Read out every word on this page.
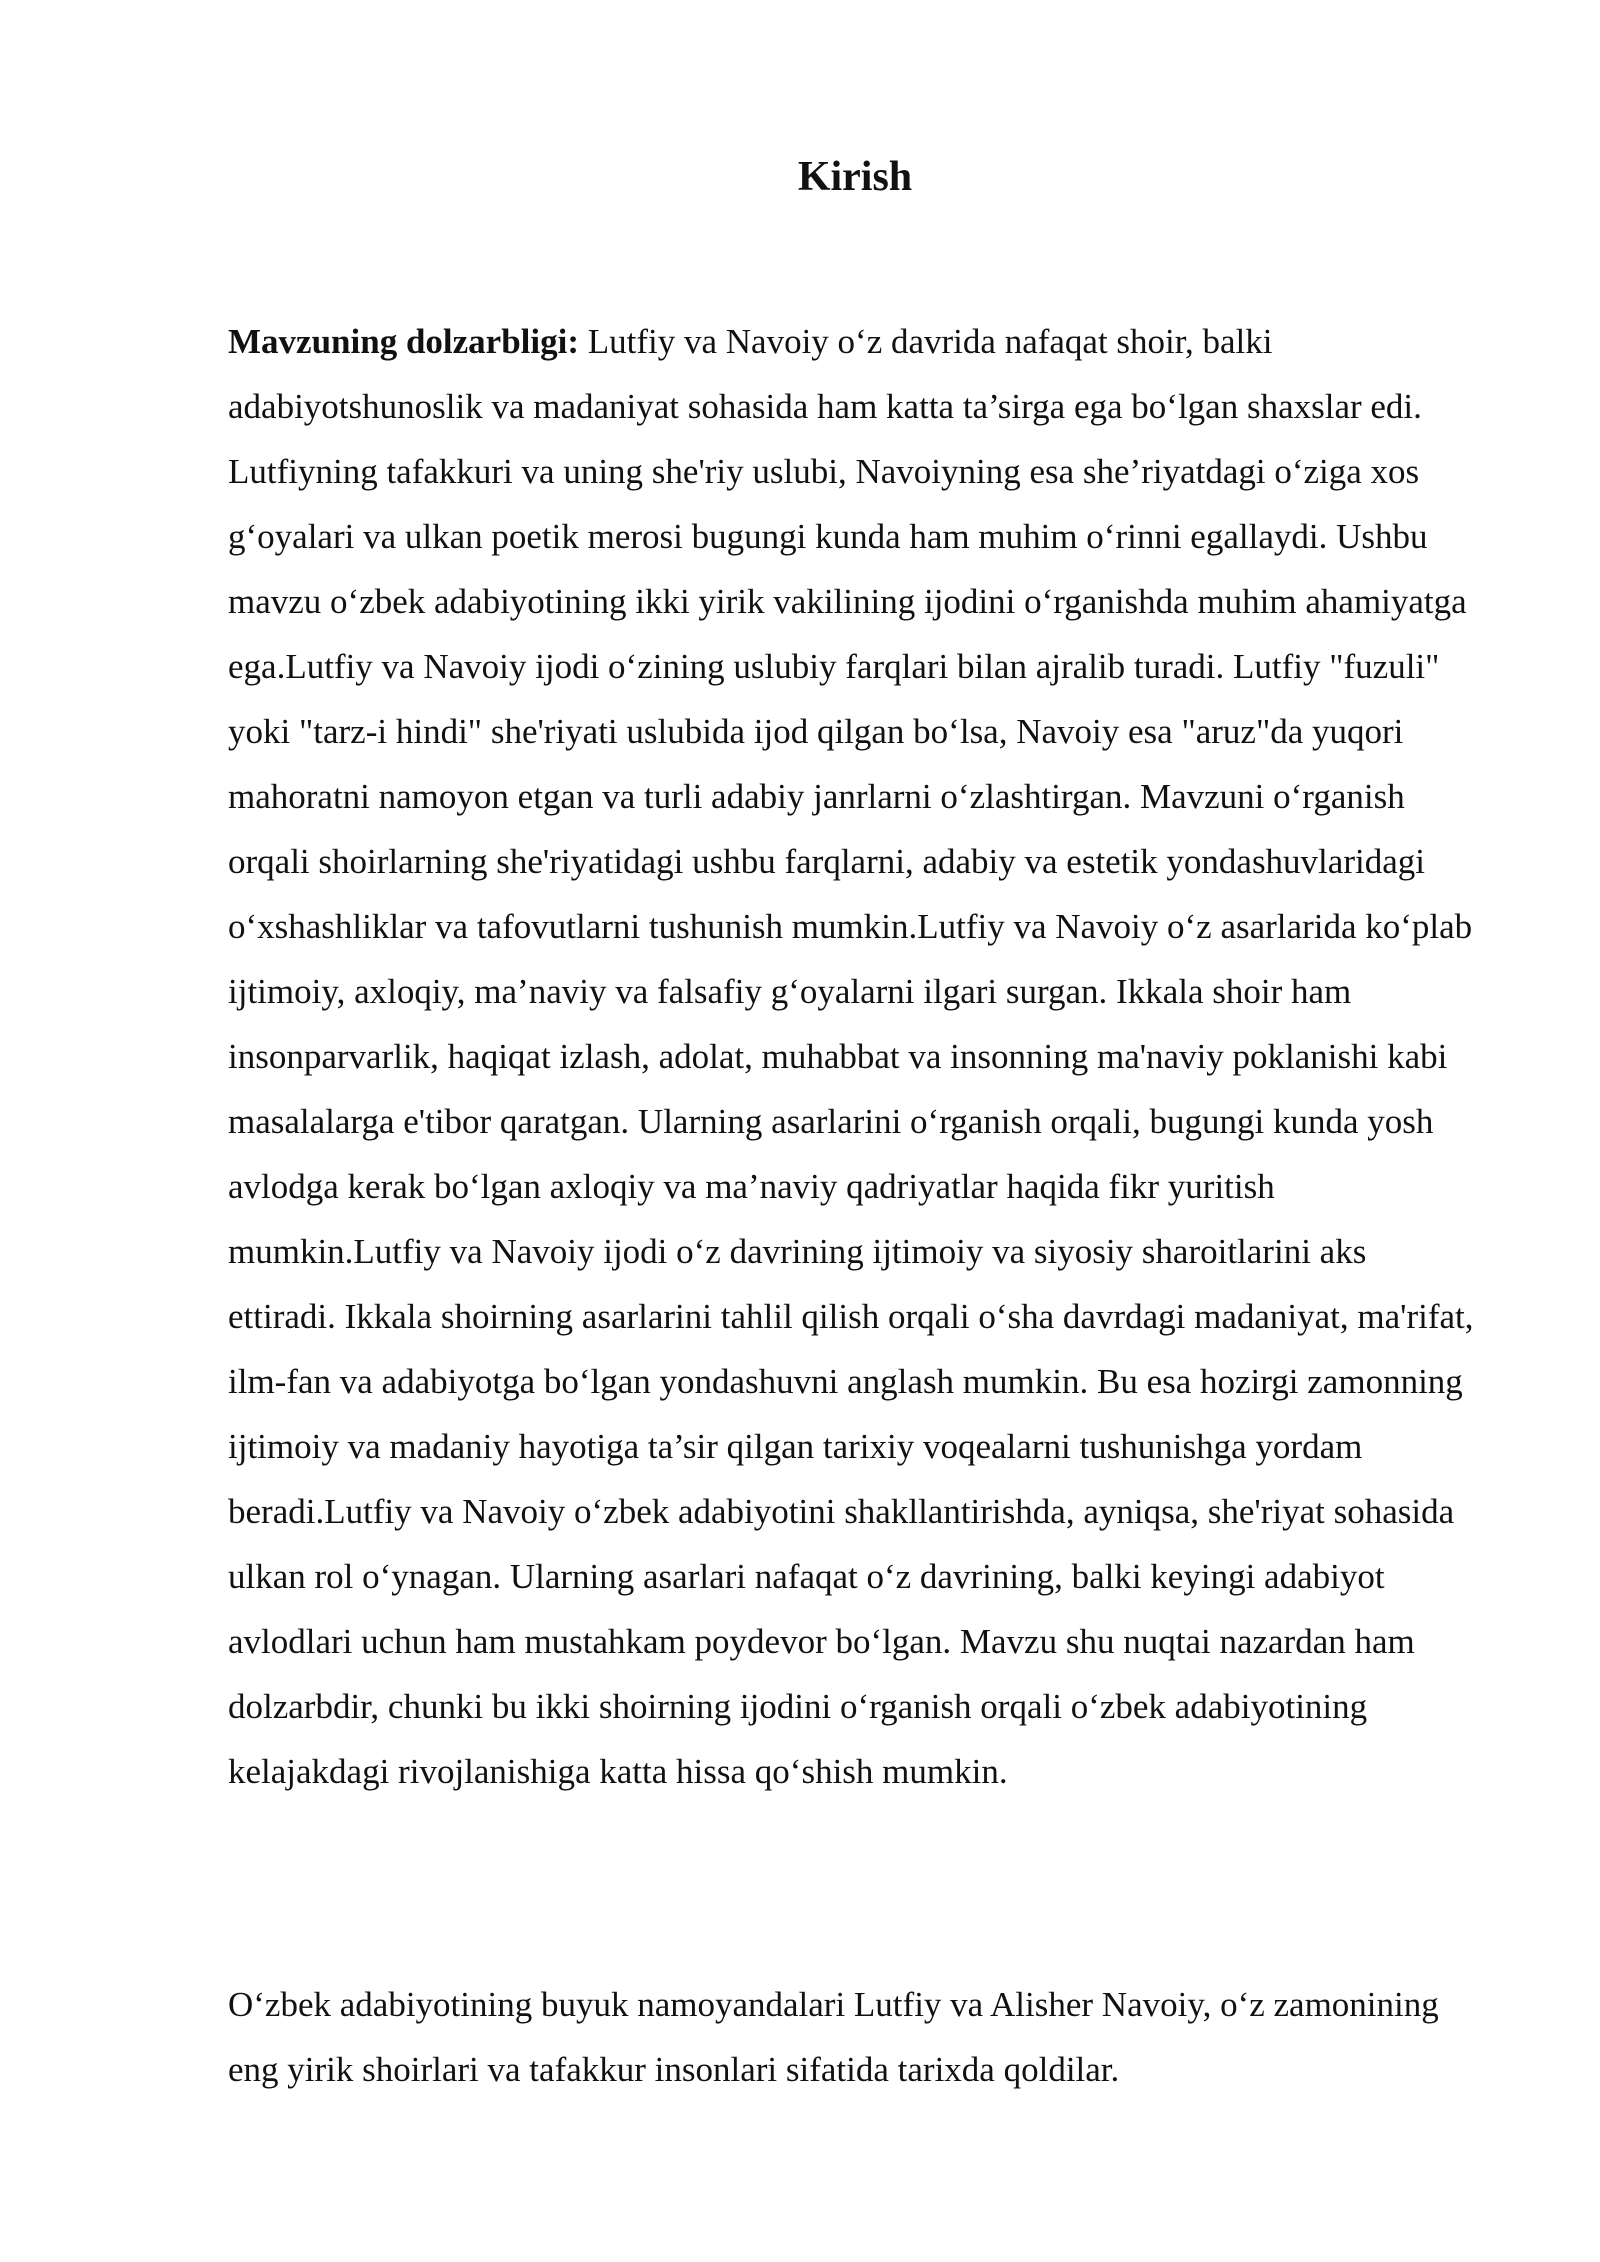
Kirish

Mavzuning dolzarbligi: Lutfiy va Navoiy o‘z davrida nafaqat shoir, balki adabiyotshunoslik va madaniyat sohasida ham katta ta’sirga ega bo‘lgan shaxslar edi. Lutfiyning tafakkuri va uning she'riy uslubi, Navoiyning esa she’riyatdagi o‘ziga xos g‘oyalari va ulkan poetik merosi bugungi kunda ham muhim o‘rinni egallaydi. Ushbu mavzu o‘zbek adabiyotining ikki yirik vakilining ijodini o‘rganishda muhim ahamiyatga ega.Lutfiy va Navoiy ijodi o‘zining uslubiy farqlari bilan ajralib turadi. Lutfiy "fuzuli" yoki "tarz-i hindi" she'riyati uslubida ijod qilgan bo‘lsa, Navoiy esa "aruz"da yuqori mahoratni namoyon etgan va turli adabiy janrlarni o‘zlashtirgan. Mavzuni o‘rganish orqali shoirlarning she'riyatidagi ushbu farqlarni, adabiy va estetik yondashuvlaridagi o‘xshashliklar va tafovutlarni tushunish mumkin.Lutfiy va Navoiy o‘z asarlarida ko‘plab ijtimoiy, axloqiy, ma’naviy va falsafiy g‘oyalarni ilgari surgan. Ikkala shoir ham insonparvarlik, haqiqat izlash, adolat, muhabbat va insonning ma'naviy poklanishi kabi masalalarga e'tibor qaratgan. Ularning asarlarini o‘rganish orqali, bugungi kunda yosh avlodga kerak bo‘lgan axloqiy va ma’naviy qadriyatlar haqida fikr yuritish mumkin.Lutfiy va Navoiy ijodi o‘z davrining ijtimoiy va siyosiy sharoitlarini aks ettiradi. Ikkala shoirning asarlarini tahlil qilish orqali o‘sha davrdagi madaniyat, ma'rifat, ilm-fan va adabiyotga bo‘lgan yondashuvni anglash mumkin. Bu esa hozirgi zamonning ijtimoiy va madaniy hayotiga ta’sir qilgan tarixiy voqealarni tushunishga yordam beradi.Lutfiy va Navoiy o‘zbek adabiyotini shakllantirishda, ayniqsa, she'riyat sohasida ulkan rol o‘ynagan. Ularning asarlari nafaqat o‘z davrining, balki keyingi adabiyot avlodlari uchun ham mustahkam poydevor bo‘lgan. Mavzu shu nuqtai nazardan ham dolzarbdir, chunki bu ikki shoirning ijodini o‘rganish orqali o‘zbek adabiyotining kelajakdagi rivojlanishiga katta hissa qo‘shish mumkin.

O‘zbek adabiyotining buyuk namoyandalari Lutfiy va Alisher Navoiy, o‘z zamonining eng yirik shoirlari va tafakkur insonlari sifatida tarixda qoldilar.
